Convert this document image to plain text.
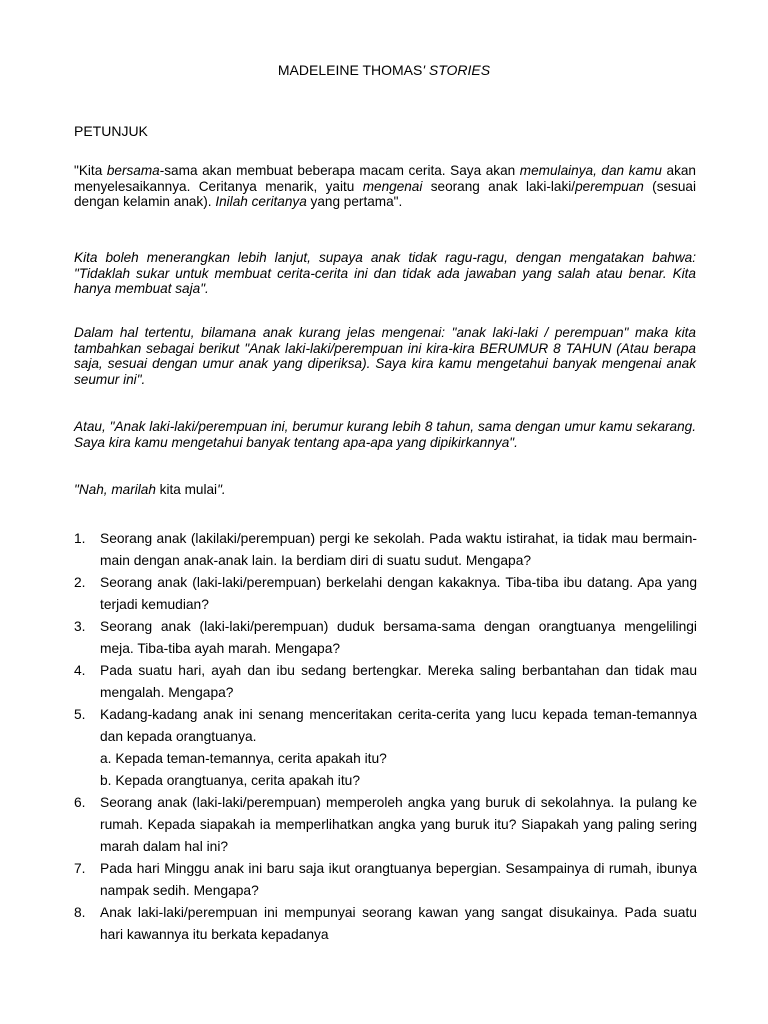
MADELEINE THOMAS' STORIES
PETUNJUK

"Kita bersama-sama akan membuat beberapa macam cerita. Saya akan memulainya, dan kamu akan menyelesaikannya. Ceritanya menarik, yaitu mengenai seorang anak laki-laki/perempuan (sesuai dengan kelamin anak). Inilah ceritanya yang pertama".

Kita boleh menerangkan lebih lanjut, supaya anak tidak ragu-ragu, dengan mengatakan bahwa: "Tidaklah sukar untuk membuat cerita-cerita ini dan tidak ada jawaban yang salah atau benar. Kita hanya membuat saja".

Dalam hal tertentu, bilamana anak kurang jelas mengenai: "anak laki-laki / perempuan" maka kita tambahkan sebagai berikut "Anak laki-laki/perempuan ini kira-kira BERUMUR 8 TAHUN (Atau berapa saja, sesuai dengan umur anak yang diperiksa). Saya kira kamu mengetahui banyak mengenai anak seumur ini".

Atau, "Anak laki-laki/perempuan ini, berumur kurang lebih 8 tahun, sama dengan umur kamu sekarang. Saya kira kamu mengetahui banyak tentang apa-apa yang dipikirkannya".

"Nah, marilah kita mulai".

1. Seorang anak (lakilaki/perempuan) pergi ke sekolah. Pada waktu istirahat, ia tidak mau bermain-main dengan anak-anak lain. Ia berdiam diri di suatu sudut. Mengapa?
2. Seorang anak (laki-laki/perempuan) berkelahi dengan kakaknya. Tiba-tiba ibu datang. Apa yang terjadi kemudian?
3. Seorang anak (laki-laki/perempuan) duduk bersama-sama dengan orangtuanya mengelilingi meja. Tiba-tiba ayah marah. Mengapa?
4. Pada suatu hari, ayah dan ibu sedang bertengkar. Mereka saling berbantahan dan tidak mau mengalah. Mengapa?
5. Kadang-kadang anak ini senang menceritakan cerita-cerita yang lucu kepada teman-temannya dan kepada orangtuanya.
a. Kepada teman-temannya, cerita apakah itu?
b. Kepada orangtuanya, cerita apakah itu?
6. Seorang anak (laki-laki/perempuan) memperoleh angka yang buruk di sekolahnya. Ia pulang ke rumah. Kepada siapakah ia memperlihatkan angka yang buruk itu? Siapakah yang paling sering marah dalam hal ini?
7. Pada hari Minggu anak ini baru saja ikut orangtuanya bepergian. Sesampainya di rumah, ibunya nampak sedih. Mengapa?
8. Anak laki-laki/perempuan ini mempunyai seorang kawan yang sangat disukainya. Pada suatu hari kawannya itu berkata kepadanya
